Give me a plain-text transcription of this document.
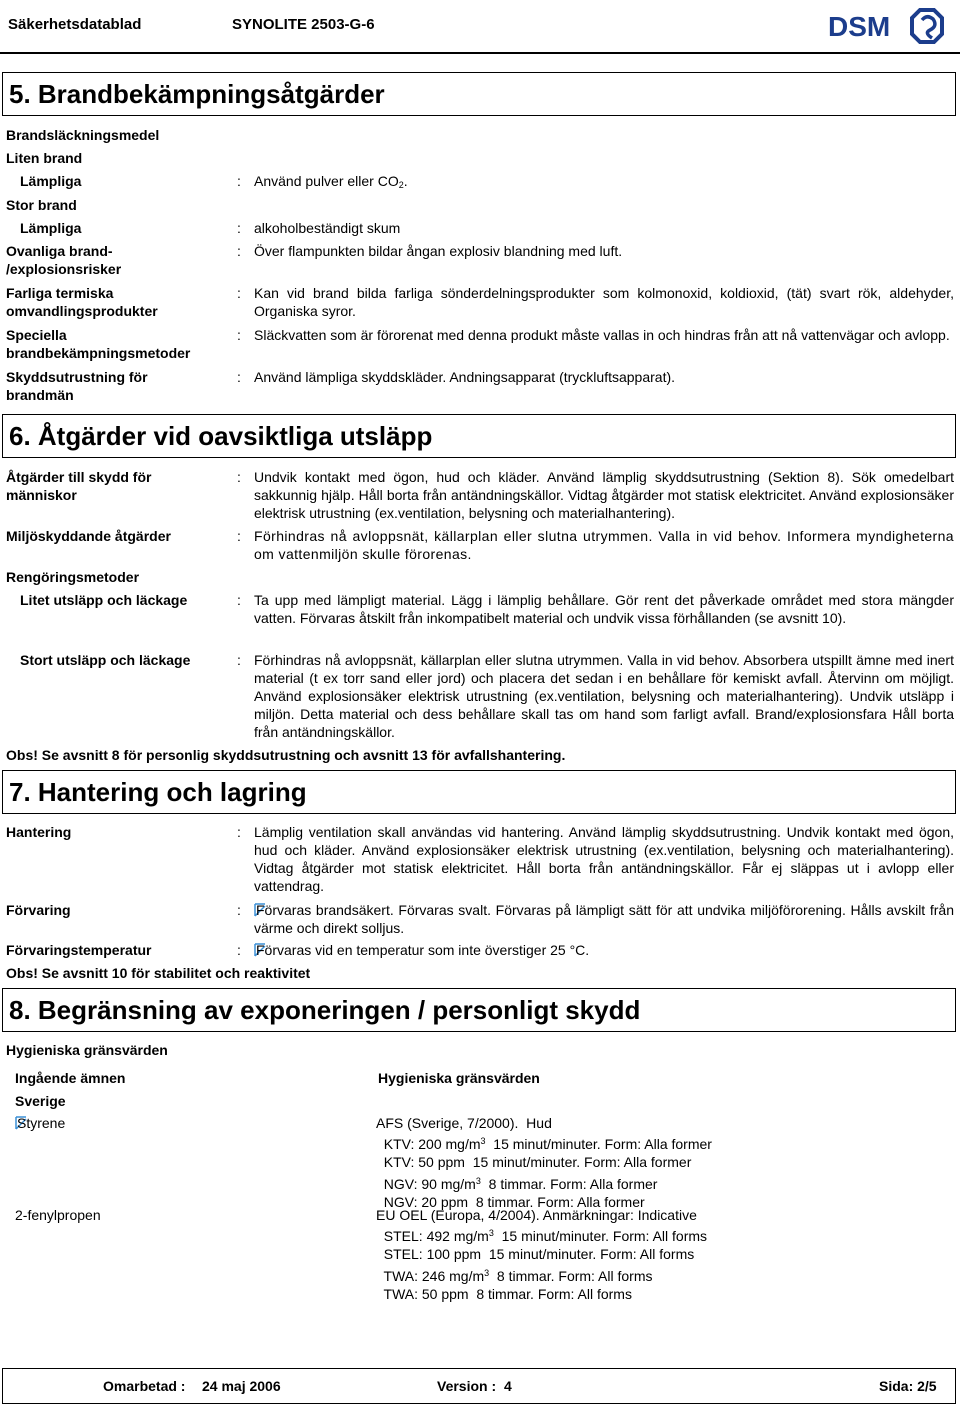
Säkerhetsdatablad	SYNOLITE 2503-G-6	DSM
5. Brandbekämpningsåtgärder
Brandsläckningsmedel
Liten brand
Lämpliga	: Använd pulver eller CO2.
Stor brand
Lämpliga	: alkoholbeständigt skum
Ovanliga brand- /explosionsrisker
: Över flampunkten bildar ångan explosiv blandning med luft.
Farliga termiska omvandlingsprodukter
: Kan vid brand bilda farliga sönderdelningsprodukter som kolmonoxid, koldioxid, (tät) svart rök, aldehyder, Organiska syror.
Speciella brandbekämpningsmetoder
: Släckvatten som är förorenat med denna produkt måste vallas in och hindras från att nå vattenvägar och avlopp.
Skyddsutrustning för brandmän
: Använd lämpliga skyddskläder. Andningsapparat (tryckluftsapparat).
6. Åtgärder vid oavsiktliga utsläpp
Åtgärder till skydd för människor
: Undvik kontakt med ögon, hud och kläder. Använd lämplig skyddsutrustning (Sektion 8). Sök omedelbart sakkunnig hjälp. Håll borta från antändningskällor. Vidtag åtgärder mot statisk elektricitet. Använd explosionsäker elektrisk utrustning (ex.ventilation, belysning och materialhantering).
Miljöskyddande åtgärder	: Förhindras nå avloppsnät, källarplan eller slutna utrymmen. Valla in vid behov. Informera myndigheterna om vattenmiljön skulle förorenas.
Rengöringsmetoder
Litet utsläpp och läckage	: Ta upp med lämpligt material. Lägg i lämplig behållare. Gör rent det påverkade området med stora mängder vatten. Förvaras åtskilt från inkompatibelt material och undvik vissa förhållanden (se avsnitt 10).
Stort utsläpp och läckage	: Förhindras nå avloppsnät, källarplan eller slutna utrymmen. Valla in vid behov. Absorbera utspillt ämne med inert material (t ex torr sand eller jord) och placera det sedan i en behållare för kemiskt avfall. Återvinn om möjligt. Använd explosionsäker elektrisk utrustning (ex.ventilation, belysning och materialhantering). Undvik utsläpp i miljön. Detta material och dess behållare skall tas om hand som farligt avfall. Brand/explosionsfara Håll borta från antändningskällor.
Obs! Se avsnitt 8 för personlig skyddsutrustning och avsnitt 13 för avfallshantering.
7. Hantering och lagring
Hantering	: Lämplig ventilation skall användas vid hantering. Använd lämplig skyddsutrustning. Undvik kontakt med ögon, hud och kläder. Använd explosionsäker elektrisk utrustning (ex.ventilation, belysning och materialhantering). Vidtag åtgärder mot statisk elektricitet. Håll borta från antändningskällor. Får ej släppas ut i avlopp eller vattendrag.
Förvaring	: Förvaras brandsäkert. Förvaras svalt. Förvaras på lämpligt sätt för att undvika miljöförorening. Hålls avskilt från värme och direkt solljus.
Förvaringstemperatur	: Förvaras vid en temperatur som inte överstiger 25 °C.
Obs! Se avsnitt 10 för stabilitet och reaktivitet
8. Begränsning av exponeringen / personligt skydd
Hygieniska gränsvärden
Ingående ämnen	Hygieniska gränsvärden
Sverige
Styrene	AFS (Sverige, 7/2000).  Hud
KTV: 200 $mg/m^3$  15 minut/minuter. Form: Alla former
KTV: 50 ppm  15 minut/minuter. Form: Alla former
NGV: 90 $mg/m^3$  8 timmar. Form: Alla former
NGV: 20 ppm  8 timmar. Form: Alla former
2-fenylpropen	EU OEL (Europa, 4/2004). Anmärkningar: Indicative
STEL: 492 $mg/m^3$  15 minut/minuter. Form: All forms
STEL: 100 ppm  15 minut/minuter. Form: All forms
TWA: 246 $mg/m^3$  8 timmar. Form: All forms
TWA: 50 ppm  8 timmar. Form: All forms
Omarbetad : 24 maj 2006	Version : 4	Sida: 2/5
